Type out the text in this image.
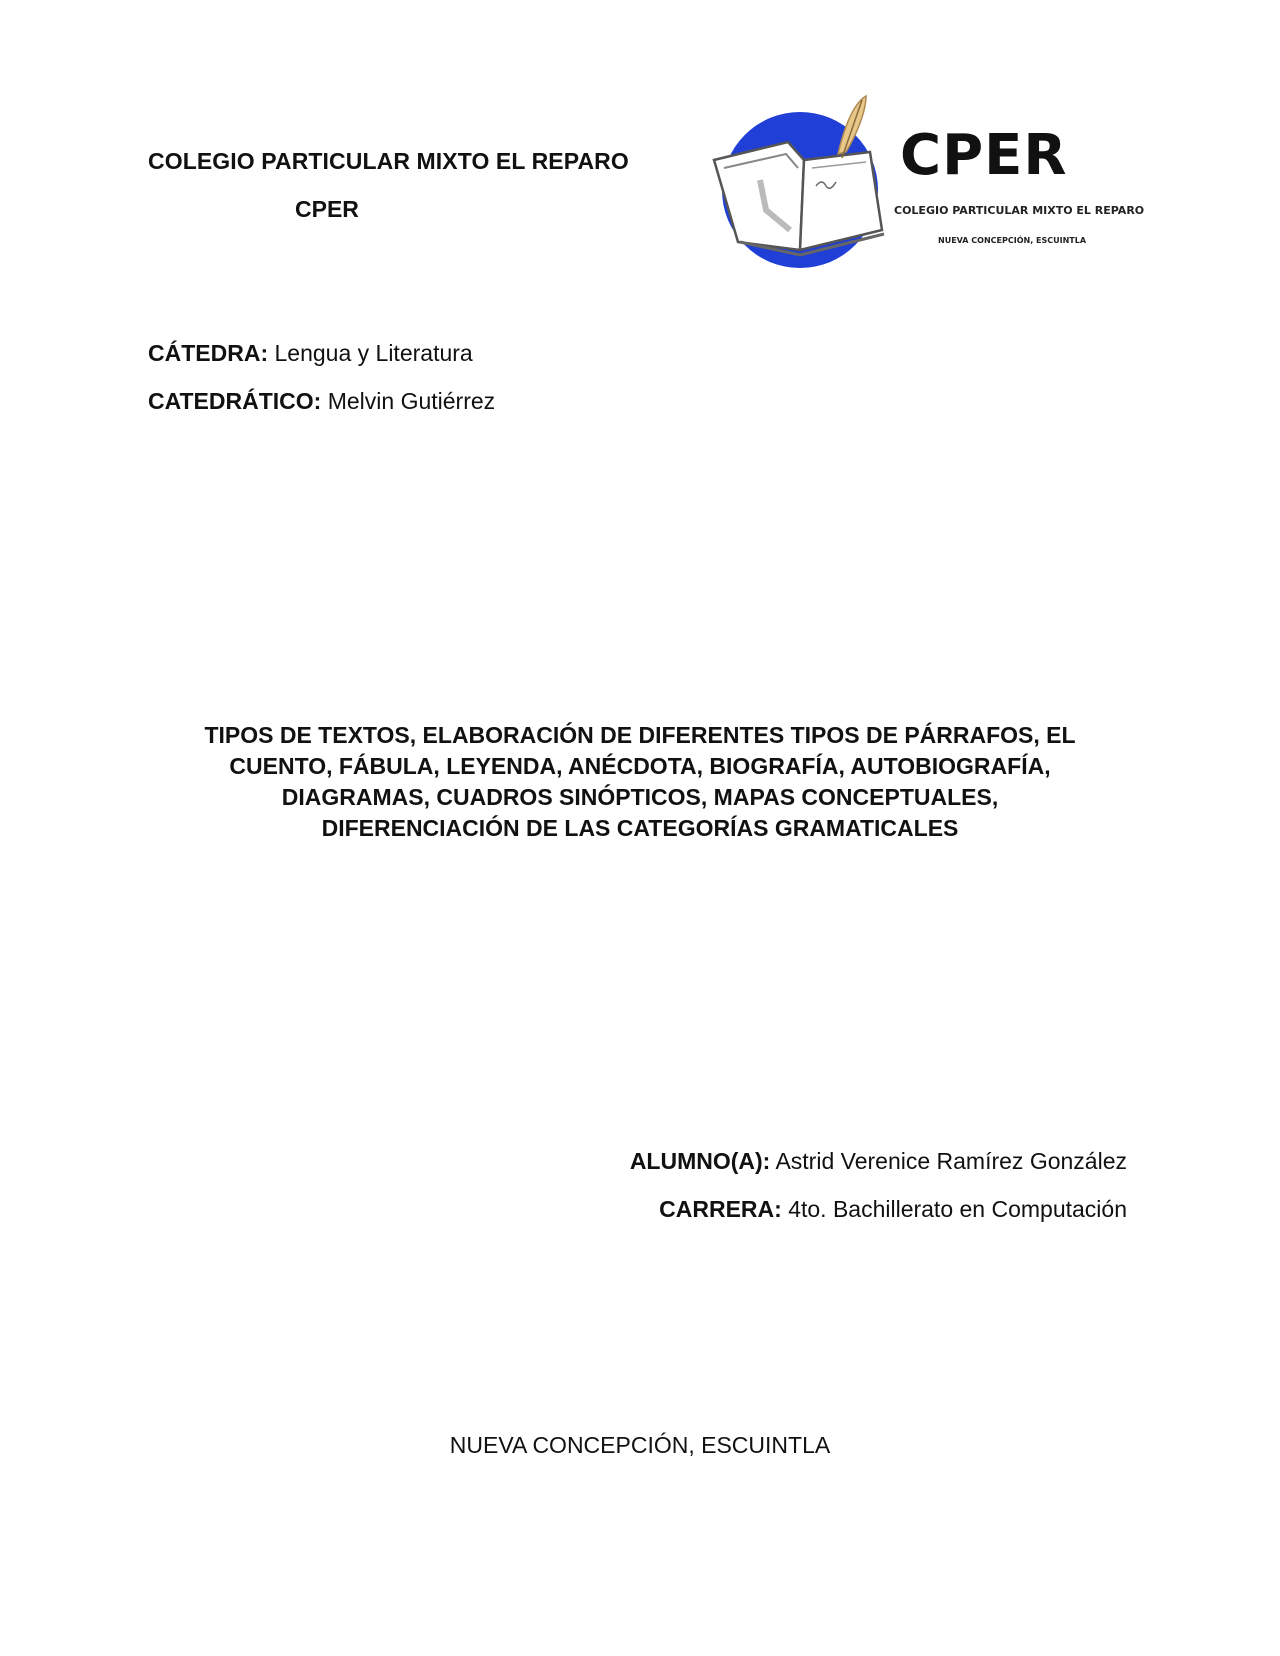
COLEGIO PARTICULAR MIXTO EL REPARO
CPER
CPER
COLEGIO PARTICULAR MIXTO EL REPARO
NUEVA CONCEPCIÓN, ESCUINTLA
CÁTEDRA: Lengua y Literatura
CATEDRÁTICO: Melvin Gutiérrez
TIPOS DE TEXTOS, ELABORACIÓN DE DIFERENTES TIPOS DE PÁRRAFOS, EL
CUENTO, FÁBULA, LEYENDA, ANÉCDOTA, BIOGRAFÍA, AUTOBIOGRAFÍA,
DIAGRAMAS, CUADROS SINÓPTICOS, MAPAS CONCEPTUALES,
DIFERENCIACIÓN DE LAS CATEGORÍAS GRAMATICALES
ALUMNO(A): Astrid Verenice Ramírez González
CARRERA: 4to. Bachillerato en Computación
NUEVA CONCEPCIÓN, ESCUINTLA
